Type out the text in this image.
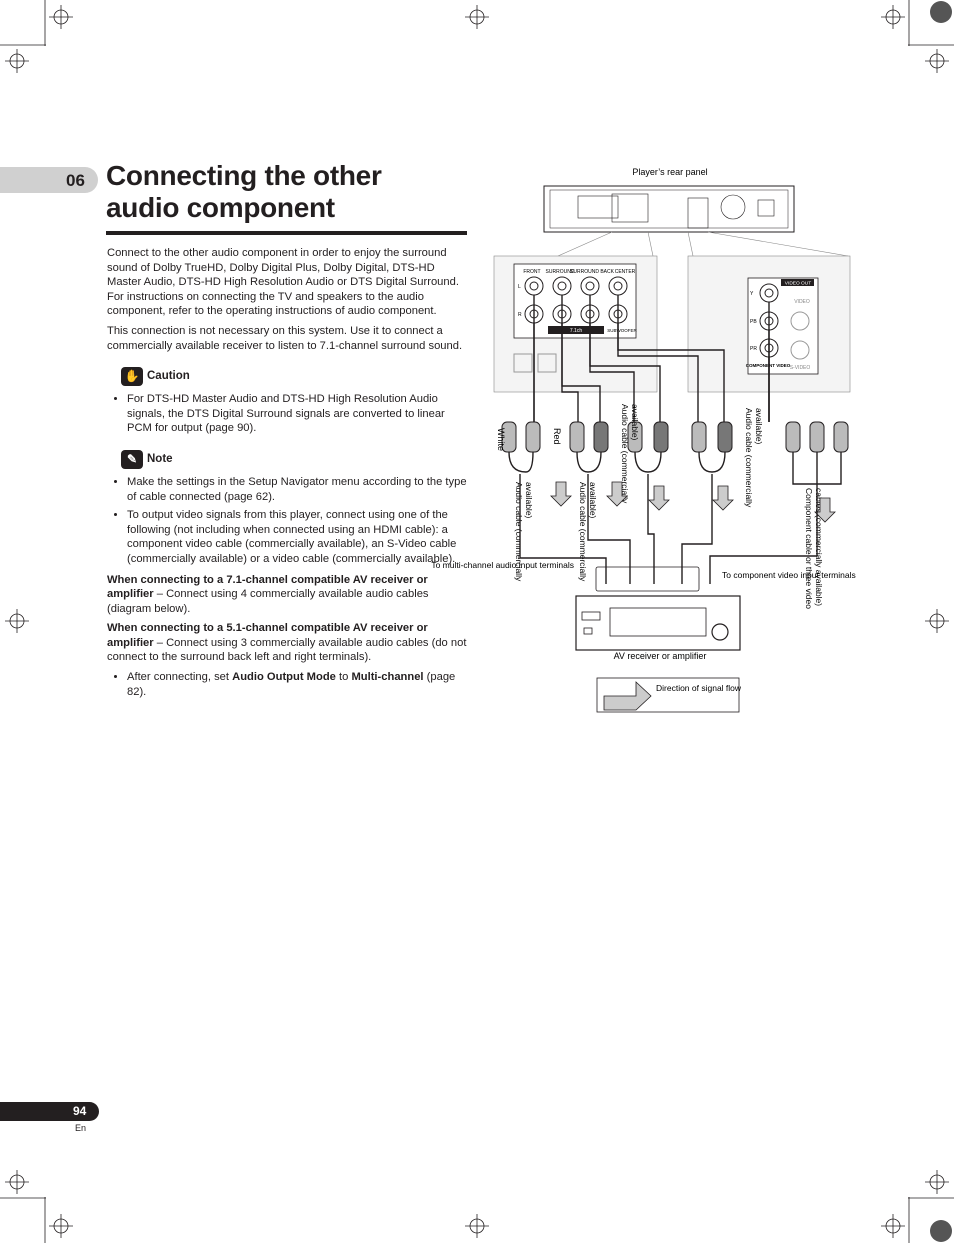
06 Connecting the other
audio component

Connect to the other audio component in order to enjoy the surround sound of Dolby TrueHD, Dolby Digital Plus, Dolby Digital, DTS-HD Master Audio, DTS-HD High Resolution Audio or DTS Digital Surround. For instructions on connecting the TV and speakers to the audio component, refer to the operating instructions of audio component.

This connection is not necessary on this system. Use it to connect a commercially available receiver to listen to 7.1-channel surround sound.

✋ Caution
• For DTS-HD Master Audio and DTS-HD High Resolution Audio signals, the DTS Digital Surround signals are converted to linear PCM for output (page 90).
✎ Note
• Make the settings in the Setup Navigator menu according to the type of cable connected (page 62).
• To output video signals from this player, connect using one of the following (not including when connected using an HDMI cable): a component video cable (commercially available), an S-Video cable (commercially available) or a video cable (commercially available).

When connecting to a 7.1-channel compatible AV receiver or amplifier – Connect using 4 commercially available audio cables (diagram below).

When connecting to a 5.1-channel compatible AV receiver or amplifier – Connect using 3 commercially available audio cables (do not connect to the surround back left and right terminals).

• After connecting, set Audio Output Mode to Multi-channel (page 82).
Player’s rear panel
FRONT SURROUND
SURROUND BACK CENTER
L
R
7.1ch	SUBWOOFER
VIDEO OUT
Y
PB
PR
VIDEO
S-VIDEO
COMPONENT VIDEO
White	Red	Audio cable (commerciallyavailable)	Audio cable (commerciallyavailable)
Audio cable (commerciallyavailable)	Audio cable (commerciallyavailable)	Component cable or three videocables (commercially available)
To multi-channel audio input terminals
To component video input terminals
AV receiver or amplifier
Direction of signal flow
94
En
